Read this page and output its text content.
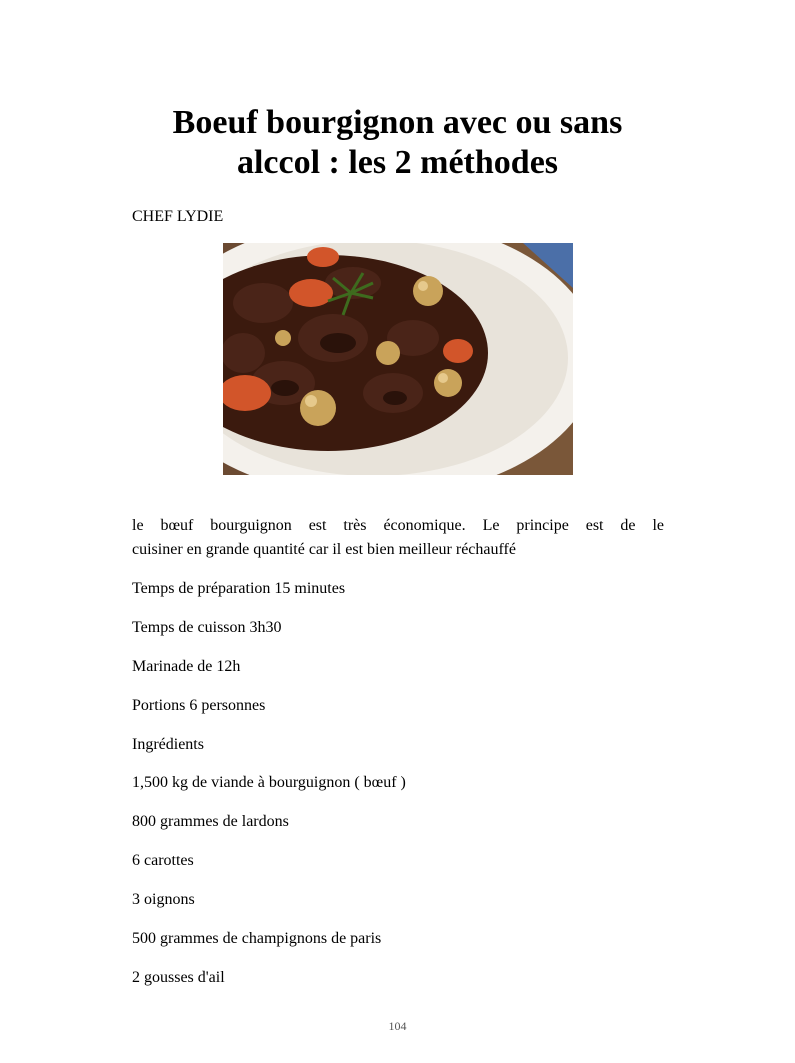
Boeuf bourgignon avec ou sans
alccol : les 2 méthodes

CHEF LYDIE

le bœuf bourguignon est très économique. Le principe est de le
cuisiner en grande quantité car il est bien meilleur réchauffé

Temps de préparation 15 minutes

Temps de cuisson 3h30

Marinade de 12h

Portions 6 personnes

Ingrédients

1,500 kg de viande à bourguignon ( bœuf )

800 grammes de lardons

6 carottes

3 oignons

500 grammes de champignons de paris

2 gousses d'ail

104
